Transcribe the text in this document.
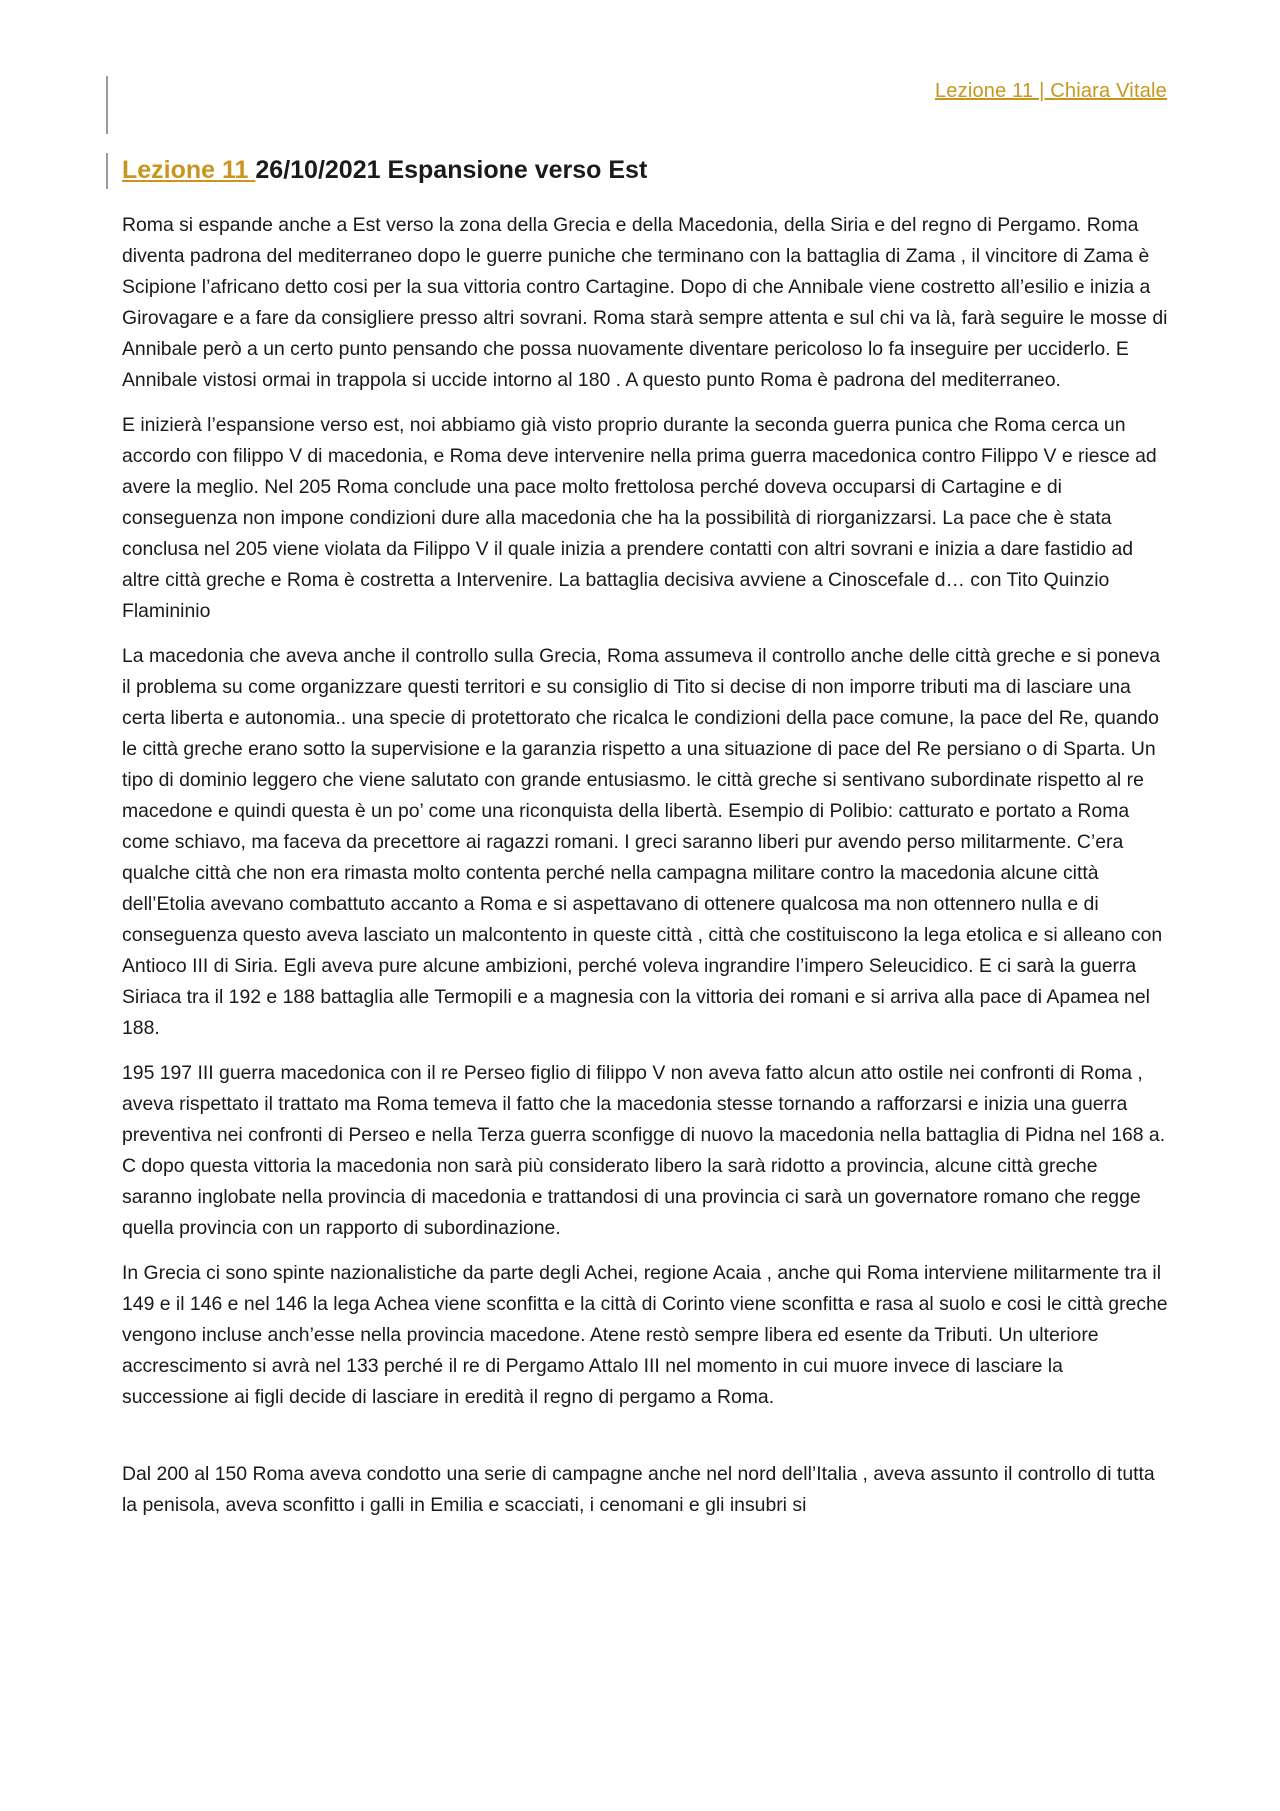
Lezione 11 | Chiara Vitale
Lezione 11 26/10/2021 Espansione verso Est

Roma si espande anche a Est verso la zona della Grecia e della Macedonia, della Siria e del regno di Pergamo. Roma diventa padrona del mediterraneo dopo le guerre puniche che terminano con la battaglia di Zama , il vincitore di Zama è Scipione l’africano detto cosi per la sua vittoria contro Cartagine. Dopo di che Annibale viene costretto all’esilio e inizia a Girovagare e a fare da consigliere presso altri sovrani. Roma starà sempre attenta e sul chi va là, farà seguire le mosse di Annibale però a un certo punto pensando che possa nuovamente diventare pericoloso lo fa inseguire per ucciderlo. E Annibale vistosi ormai in trappola si uccide intorno al 180 . A questo punto Roma è padrona del mediterraneo.

E inizierà l’espansione verso est, noi abbiamo già visto proprio durante la seconda guerra punica che Roma cerca un accordo con filippo V di macedonia, e Roma deve intervenire nella prima guerra macedonica contro Filippo V e riesce ad avere la meglio. Nel 205 Roma conclude una pace molto frettolosa perché doveva occuparsi di Cartagine e di conseguenza non impone condizioni dure alla macedonia che ha la possibilità di riorganizzarsi. La pace che è stata conclusa nel 205 viene violata da Filippo V il quale inizia a prendere contatti con altri sovrani e inizia a dare fastidio ad altre città greche e Roma è costretta a Intervenire. La battaglia decisiva avviene a Cinoscefale d… con Tito Quinzio Flamininio

La macedonia che aveva anche il controllo sulla Grecia, Roma assumeva il controllo anche delle città greche e si poneva il problema su come organizzare questi territori e su consiglio di Tito si decise di non imporre tributi ma di lasciare una certa liberta e autonomia.. una specie di protettorato che ricalca le condizioni della pace comune, la pace del Re, quando le città greche erano sotto la supervisione e la garanzia rispetto a una situazione di pace del Re persiano o di Sparta. Un tipo di dominio leggero che viene salutato con grande entusiasmo. le città greche si sentivano subordinate rispetto al re macedone e quindi questa è un po’ come una riconquista della libertà. Esempio di Polibio: catturato e portato a Roma come schiavo, ma faceva da precettore ai ragazzi romani. I greci saranno liberi pur avendo perso militarmente. C’era qualche città che non era rimasta molto contenta perché nella campagna militare contro la macedonia alcune città dell’Etolia avevano combattuto accanto a Roma e si aspettavano di ottenere qualcosa ma non ottennero nulla e di conseguenza questo aveva lasciato un malcontento in queste città , città che costituiscono la lega etolica e si alleano con Antioco III di Siria. Egli aveva pure alcune ambizioni, perché voleva ingrandire l’impero Seleucidico. E ci sarà la guerra Siriaca tra il 192 e 188 battaglia alle Termopili e a magnesia con la vittoria dei romani e si arriva alla pace di Apamea nel 188.

195 197 III guerra macedonica con il re Perseo figlio di filippo V non aveva fatto alcun atto ostile nei confronti di Roma , aveva rispettato il trattato ma Roma temeva il fatto che la macedonia stesse tornando a rafforzarsi e inizia una guerra preventiva nei confronti di Perseo e nella Terza guerra sconfigge di nuovo la macedonia nella battaglia di Pidna nel 168 a. C dopo questa vittoria la macedonia non sarà più considerato libero la sarà ridotto a provincia, alcune città greche saranno inglobate nella provincia di macedonia e trattandosi di una provincia ci sarà un governatore romano che regge quella provincia con un rapporto di subordinazione.

In Grecia ci sono spinte nazionalistiche da parte degli Achei, regione Acaia , anche qui Roma interviene militarmente tra il 149 e il 146 e nel 146 la lega Achea viene sconfitta e la città di Corinto viene sconfitta e rasa al suolo e cosi le città greche vengono incluse anch’esse nella provincia macedone. Atene restò sempre libera ed esente da Tributi. Un ulteriore accrescimento si avrà nel 133 perché il re di Pergamo Attalo III nel momento in cui muore invece di lasciare la successione ai figli decide di lasciare in eredità il regno di pergamo a Roma.

Dal 200 al 150 Roma aveva condotto una serie di campagne anche nel nord dell’Italia , aveva assunto il controllo di tutta la penisola, aveva sconfitto i galli in Emilia e scacciati, i cenomani e gli insubri si
